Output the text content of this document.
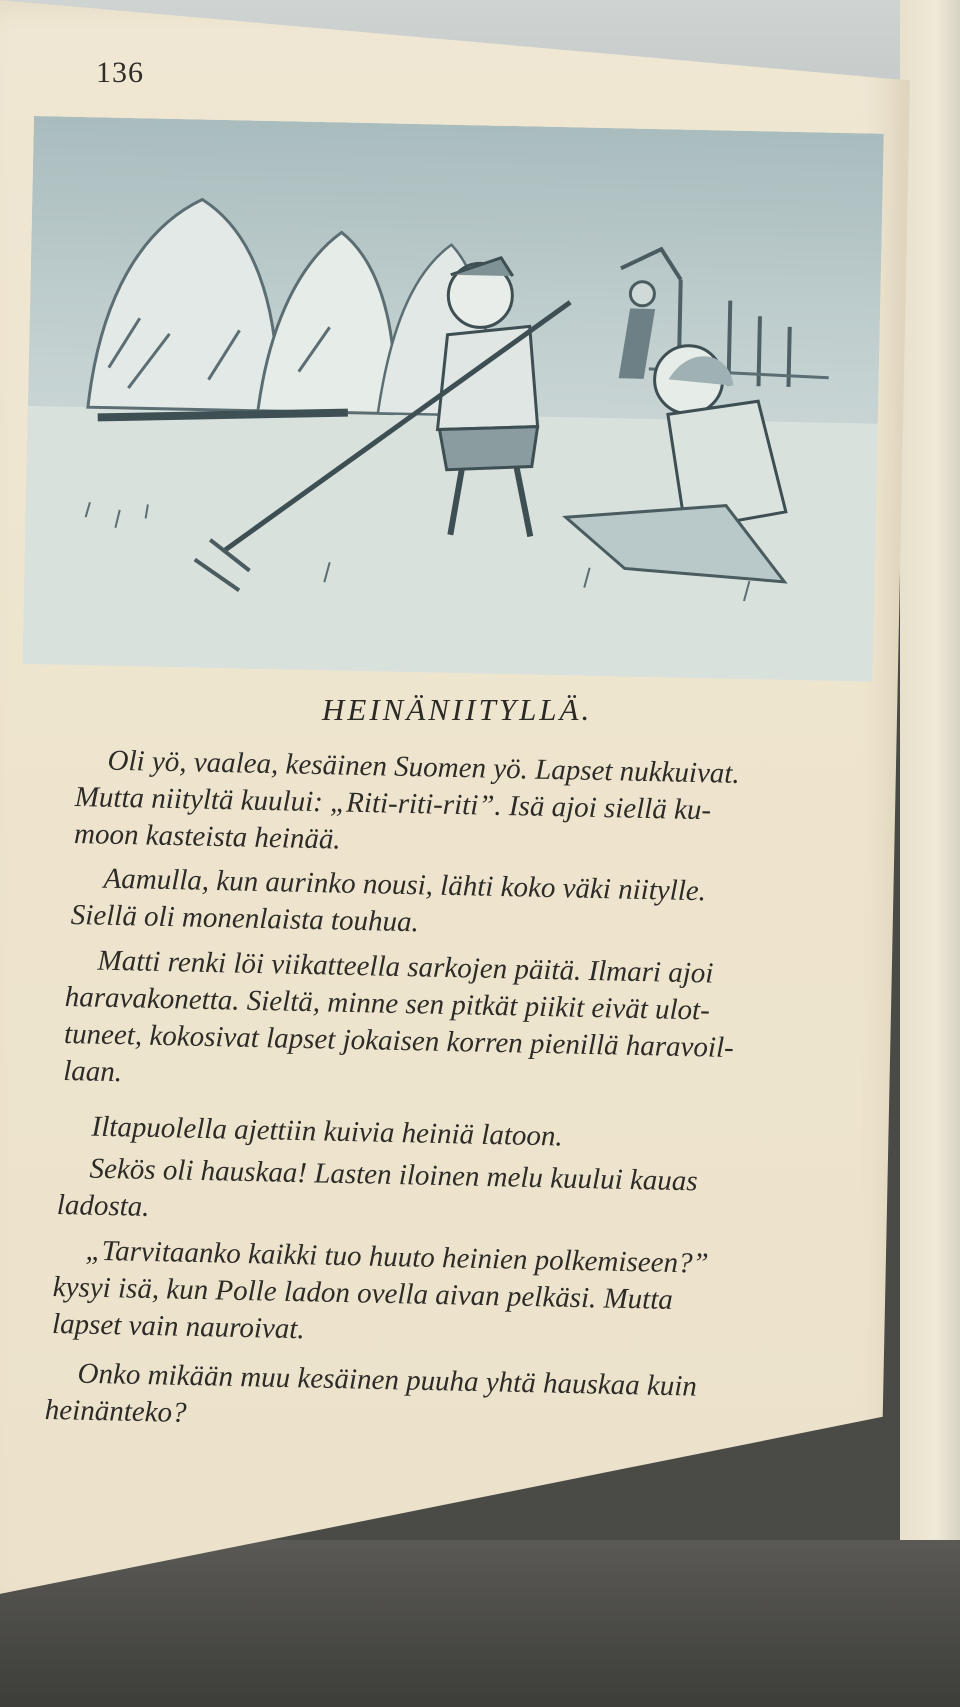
136
HEINÄNIITYLLÄ.
Oli yö, vaalea, kesäinen Suomen yö. Lapset nukkuivat.
Mutta niityltä kuului: „Riti-riti-riti”. Isä ajoi siellä ku-
moon kasteista heinää.
Aamulla, kun aurinko nousi, lähti koko väki niitylle.
Siellä oli monenlaista touhua.
Matti renki löi viikatteella sarkojen päitä. Ilmari ajoi
haravakonetta. Sieltä, minne sen pitkät piikit eivät ulot-
tuneet, kokosivat lapset jokaisen korren pienillä haravoil-
laan.
Iltapuolella ajettiin kuivia heiniä latoon.
Sekös oli hauskaa! Lasten iloinen melu kuului kauas
ladosta.
„Tarvitaanko kaikki tuo huuto heinien polkemiseen?”
kysyi isä, kun Polle ladon ovella aivan pelkäsi. Mutta
lapset vain nauroivat.
Onko mikään muu kesäinen puuha yhtä hauskaa kuin
heinänteko?
